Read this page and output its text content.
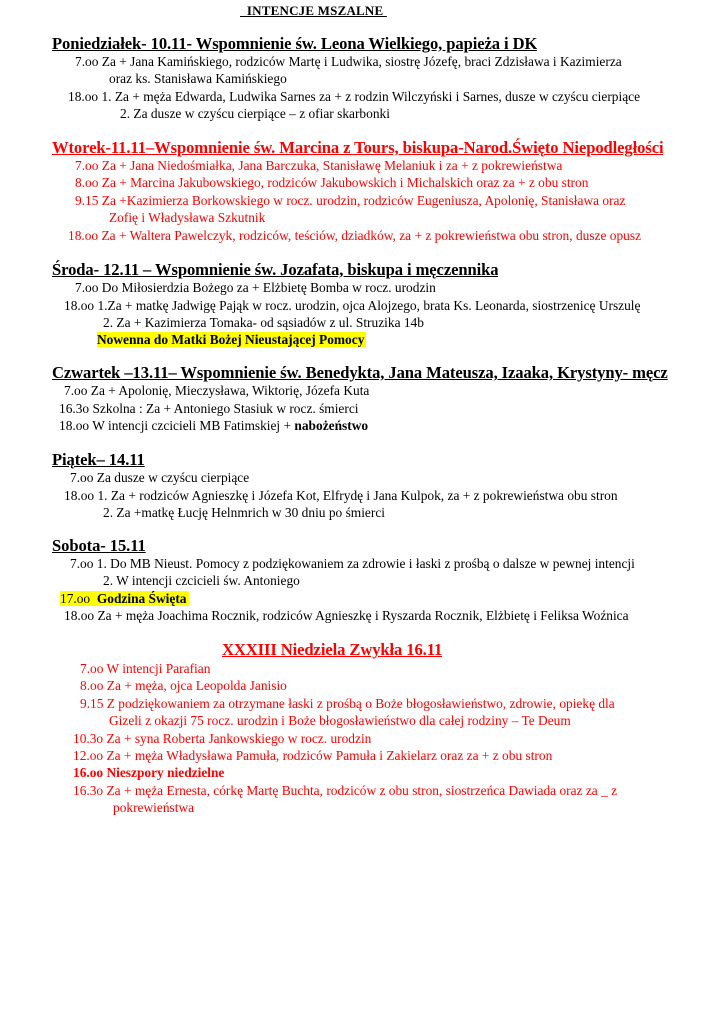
INTENCJE MSZALNE
Poniedziałek- 10.11- Wspomnienie św. Leona Wielkiego, papieża i DK
7.oo Za + Jana Kamińskiego, rodziców Martę i Ludwika, siostrę Józefę, braci Zdzisława i Kazimierza
oraz ks. Stanisława Kamińskiego
18.oo 1. Za + męża Edwarda, Ludwika Sarnes za + z rodzin Wilczyński i Sarnes, dusze w czyścu cierpiące
2. Za dusze w czyścu cierpiące – z ofiar skarbonki
Wtorek-11.11–Wspomnienie św. Marcina z Tours, biskupa-Narod.Święto Niepodległości
7.oo Za + Jana Niedośmiałka, Jana Barczuka, Stanisławę Melaniuk i za + z pokrewieństwa
8.oo Za + Marcina Jakubowskiego, rodziców Jakubowskich i Michalskich oraz za + z obu stron
9.15 Za +Kazimierza Borkowskiego w rocz. urodzin, rodziców Eugeniusza, Apolonię, Stanisława oraz
Zofię i Władysława Szkutnik
18.oo Za + Waltera Pawelczyk, rodziców, teściów, dziadków, za + z pokrewieństwa obu stron, dusze opusz
Środa- 12.11 – Wspomnienie św. Jozafata, biskupa i męczennika
7.oo Do Miłosierdzia Bożego za + Elżbietę Bomba w rocz. urodzin
18.oo 1.Za + matkę Jadwigę Pająk w rocz. urodzin, ojca Alojzego, brata Ks. Leonarda, siostrzenicę Urszulę
2. Za + Kazimierza Tomaka- od sąsiadów z ul. Struzika 14b
Nowenna do Matki Bożej Nieustającej Pomocy
Czwartek –13.11– Wspomnienie św. Benedykta, Jana Mateusza, Izaaka, Krystyny- męcz
7.oo Za + Apolonię, Mieczysława, Wiktorię, Józefa Kuta
16.3o Szkolna : Za + Antoniego Stasiuk w rocz. śmierci
18.oo W intencji czcicieli MB Fatimskiej + nabożeństwo
Piątek– 14.11
7.oo Za dusze w czyścu cierpiące
18.oo 1. Za + rodziców Agnieszkę i Józefa Kot, Elfrydę i Jana Kulpok, za + z pokrewieństwa obu stron
2. Za +matkę Łucję Helnmrich w 30 dniu po śmierci
Sobota- 15.11
7.oo 1. Do MB Nieust. Pomocy z podziękowaniem za zdrowie i łaski z prośbą o dalsze w pewnej intencji
2. W intencji czcicieli św. Antoniego
17.oo Godzina Święta
18.oo Za + męża Joachima Rocznik, rodziców Agnieszkę i Ryszarda Rocznik, Elżbietę i Feliksa Woźnica
XXXIII Niedziela Zwykła 16.11
7.oo W intencji Parafian
8.oo Za + męża, ojca Leopolda Janisio
9.15 Z podziękowaniem za otrzymane łaski z prośbą o Boże błogosławieństwo, zdrowie, opiekę dla
Gizeli z okazji 75 rocz. urodzin i Boże błogosławieństwo dla całej rodziny – Te Deum
10.3o Za + syna Roberta Jankowskiego w rocz. urodzin
12.oo Za + męża Władysława Pamuła, rodziców Pamuła i Zakielarz oraz za + z obu stron
16.oo Nieszpory niedzielne
16.3o Za + męża Ernesta, córkę Martę Buchta, rodziców z obu stron, siostrzeńca Dawiada oraz za _ z
pokrewieństwa
